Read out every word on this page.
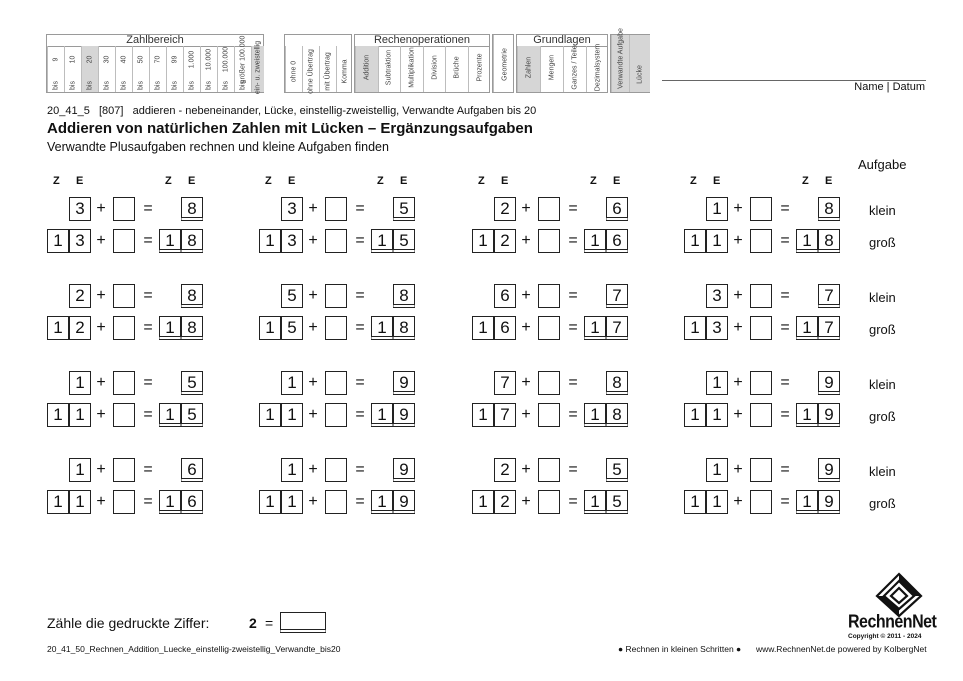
Zahlbereich
9
bis
10
bis
20
bis
30
bis
40
bis
50
bis
70
bis
99
bis
1.000
bis
10.000
bis
100.000
bis
größer 100.000
bis ein- u. zweistellig	ohne 0 ohne Übertrag mit Übertrag Komma
Rechenoperationen
Addition Subtraktion Multiplikation Division Brüche Prozente	Geometrie
Grundlagen
Zahlen Mengen Ganzes / Teile Dezimalsystem Verwandte Aufgabe Lücke
Name | Datum
20_41_5   [807]   addieren - nebeneinander, Lücke, einstellig-zweistellig, Verwandte Aufgaben bis 20
Addieren von natürlichen Zahlen mit Lücken – Ergänzungsaufgaben
Verwandte Plusaufgaben rechnen und kleine Aufgaben finden
Aufgabe
Z E	Z E	Z E	Z E	Z E	Z E	Z E	Z E
3 + =	8
1 3 + = 1 8
3 + =	5
1 3 + = 1 5
2 + =	6
1 2 + = 1 6
1 + =	8
1 1 + = 1 8
klein
groß
2 + =	8
1 2 + = 1 8
5 + =	8
1 5 + = 1 8
6 + =	7
1 6 + = 1 7
3 + =	7
1 3 + = 1 7
klein
groß
1 + =	5
1 1 + = 1 5
1 + =	9
1 1 + = 1 9
7 + =	8
1 7 + = 1 8
1 + =	9
1 1 + = 1 9
klein
groß
1 + =	6
1 1 + = 1 6
1 + =	9
1 1 + = 1 9
2 + =	5
1 2 + = 1 5
1 + =	9
1 1 + = 1 9
klein
groß
Zähle die gedruckte Ziffer:	2 =
20_41_50_Rechnen_Addition_Luecke_einstellig-zweistellig_Verwandte_bis20	● Rechnen in kleinen Schritten ● www.RechnenNet.de powered by KolbergNet
RechnenNet
Copyright © 2011 - 2024
